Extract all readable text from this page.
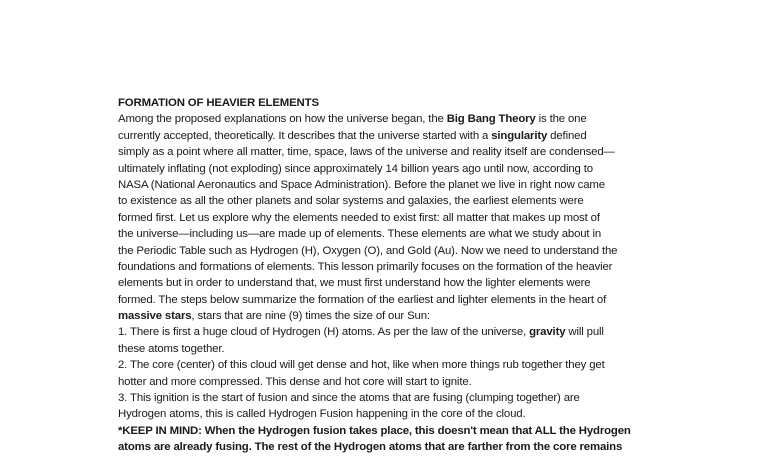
FORMATION OF HEAVIER ELEMENTS
Among the proposed explanations on how the universe began, the Big Bang Theory is the one
currently accepted, theoretically. It describes that the universe started with a singularity defined
simply as a point where all matter, time, space, laws of the universe and reality itself are condensed—
ultimately inflating (not exploding) since approximately 14 billion years ago until now, according to
NASA (National Aeronautics and Space Administration). Before the planet we live in right now came
to existence as all the other planets and solar systems and galaxies, the earliest elements were
formed first. Let us explore why the elements needed to exist first: all matter that makes up most of
the universe—including us—are made up of elements. These elements are what we study about in
the Periodic Table such as Hydrogen (H), Oxygen (O), and Gold (Au). Now we need to understand the
foundations and formations of elements. This lesson primarily focuses on the formation of the heavier
elements but in order to understand that, we must first understand how the lighter elements were
formed. The steps below summarize the formation of the earliest and lighter elements in the heart of
massive stars, stars that are nine (9) times the size of our Sun:
1. There is first a huge cloud of Hydrogen (H) atoms. As per the law of the universe, gravity will pull
these atoms together.
2. The core (center) of this cloud will get dense and hot, like when more things rub together they get
hotter and more compressed. This dense and hot core will start to ignite.
3. This ignition is the start of fusion and since the atoms that are fusing (clumping together) are
Hydrogen atoms, this is called Hydrogen Fusion happening in the core of the cloud.
*KEEP IN MIND: When the Hydrogen fusion takes place, this doesn't mean that ALL the Hydrogen
atoms are already fusing. The rest of the Hydrogen atoms that are farther from the core remains
